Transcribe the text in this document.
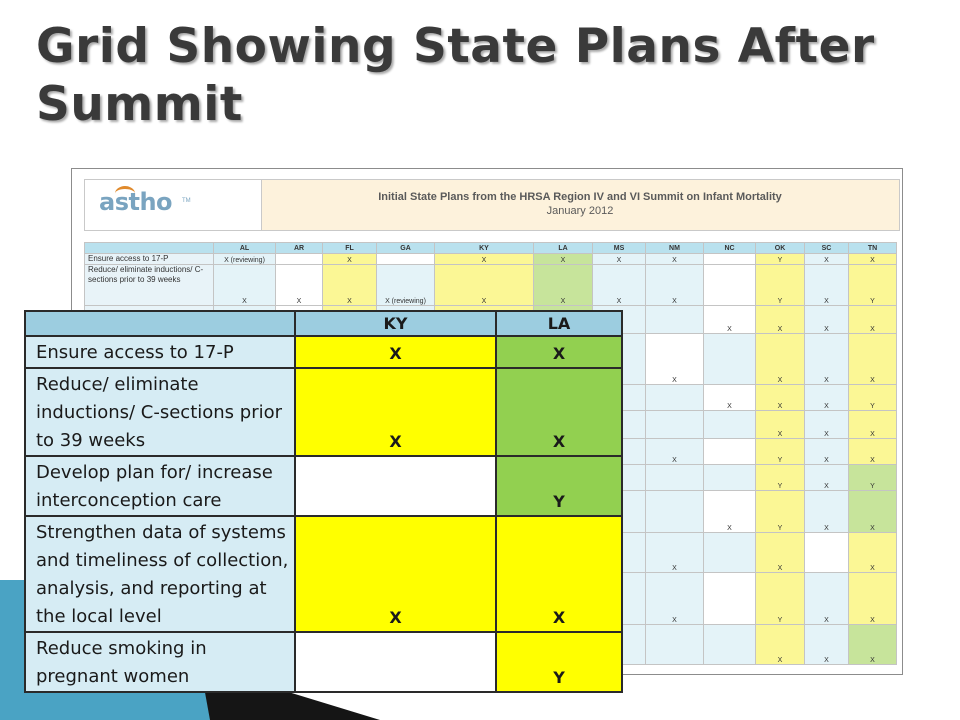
Grid Showing State Plans After Summit
astho TM	Initial State Plans from the HRSA Region IV and VI Summit on Infant Mortality
January 2012
	AL	AR	FL	GA	KY	LA	MS	NM	NC	OK	SC	TN
Ensure access to 17-P	X (reviewing)		X		X	X	X	X		Y	X	X
Reduce/ eliminate inductions/ C-sections prior to 39 weeks	X	X	X	X (reviewing)	X	X	X	X		Y	X	Y
									X	X	X	X
								X		X	X	X
									X	X	X	Y
										X	X	X
								X		Y	X	X
										Y	X	Y
									X	Y	X	X
								X		X		X
								X		Y	X	X
										X	X	X
	KY	LA
Ensure access to 17-P	X	X
Reduce/ eliminate inductions/ C-sections prior to 39 weeks	X	X
Develop plan for/ increase interconception care		Y
Strengthen data of systems and timeliness of collection, analysis, and reporting at the local level	X	X
Reduce smoking in pregnant women		Y
